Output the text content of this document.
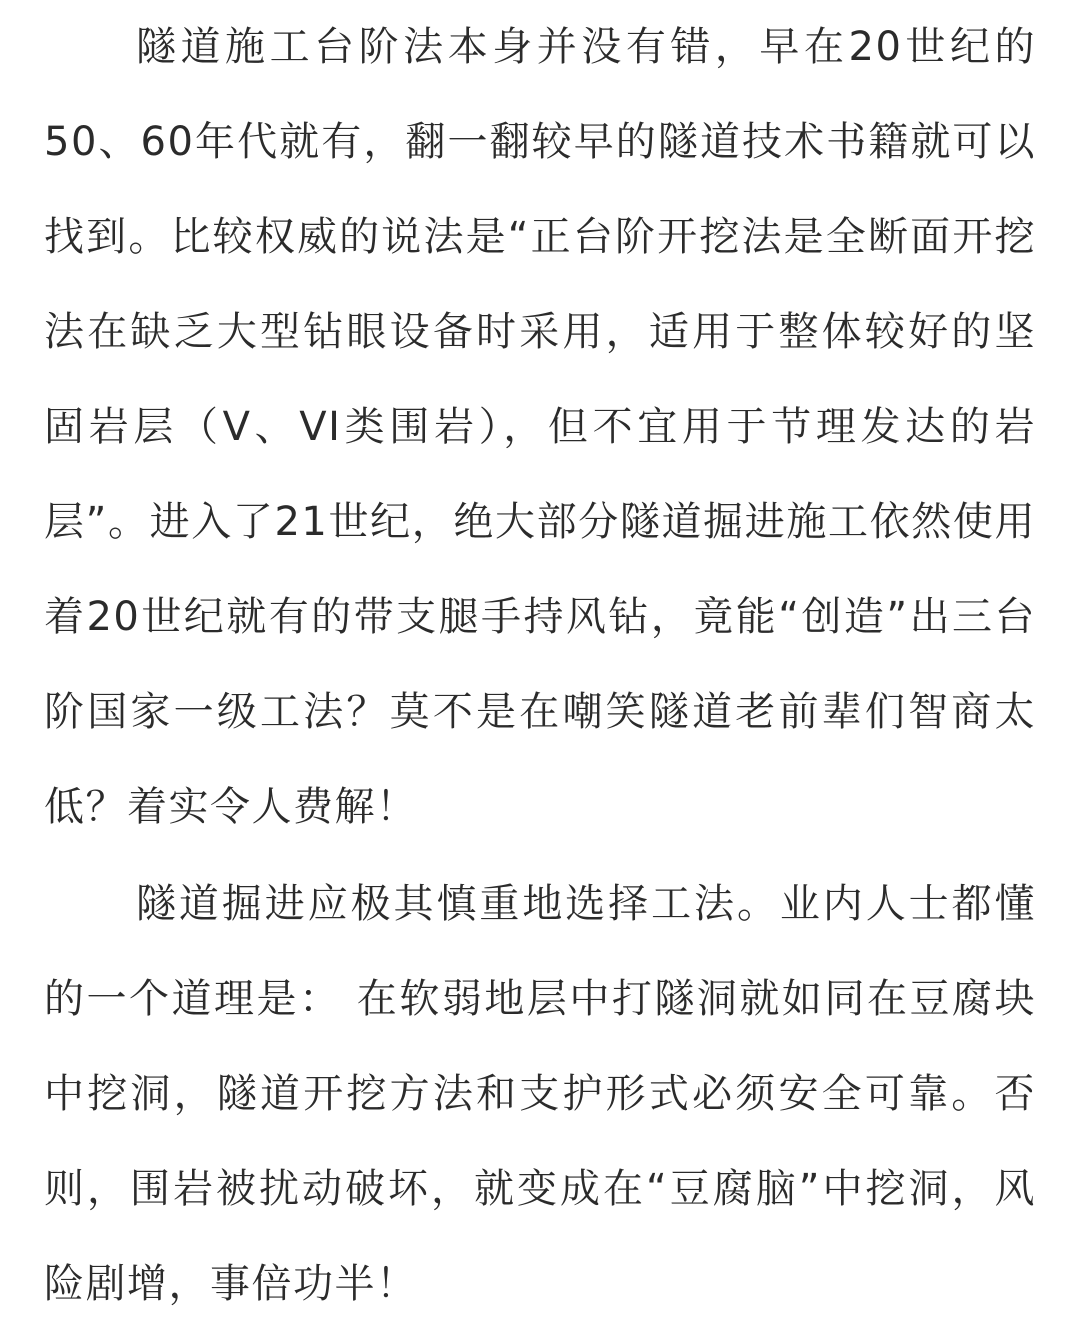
隧道施工台阶法本身并没有错，早在20世纪的
50、60年代就有，翻一翻较早的隧道技术书籍就可以
找到。比较权威的说法是“正台阶开挖法是全断面开挖
法在缺乏大型钻眼设备时采用，适用于整体较好的坚
固岩层（V、VI类围岩），但不宜用于节理发达的岩
层”。进入了21世纪，绝大部分隧道掘进施工依然使用
着20世纪就有的带支腿手持风钻，竟能“创造”出三台
阶国家一级工法？莫不是在嘲笑隧道老前辈们智商太
低？着实令人费解！
隧道掘进应极其慎重地选择工法。业内人士都懂
的一个道理是： 在软弱地层中打隧洞就如同在豆腐块
中挖洞，隧道开挖方法和支护形式必须安全可靠。否
则，围岩被扰动破坏，就变成在“豆腐脑”中挖洞，风
险剧增，事倍功半！
